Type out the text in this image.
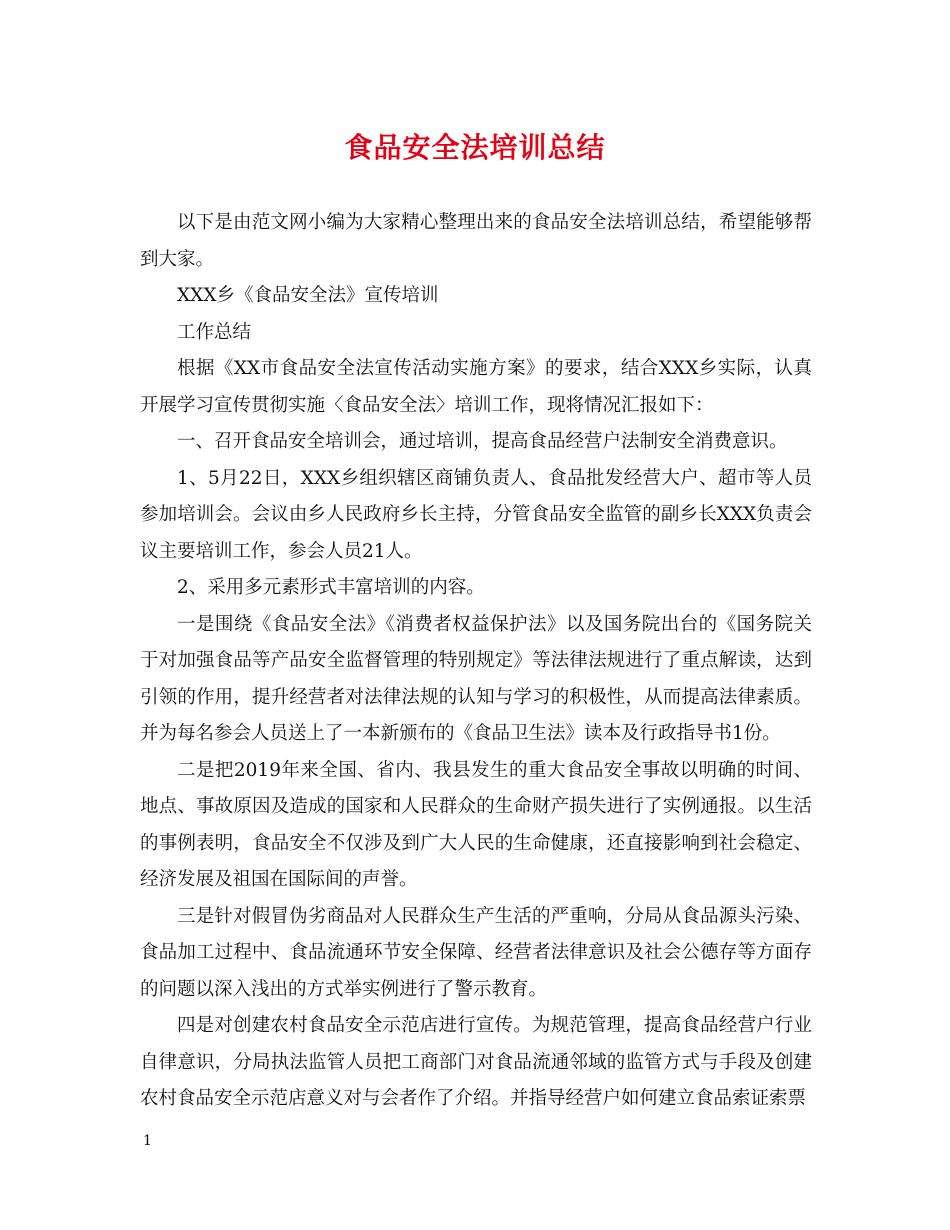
食品安全法培训总结

以下是由范文网小编为大家精心整理出来的食品安全法培训总结，希望能够帮到大家。

XXX乡《食品安全法》宣传培训

工作总结

根据《XX市食品安全法宣传活动实施方案》的要求，结合XXX乡实际，认真开展学习宣传贯彻实施〈食品安全法〉培训工作，现将情况汇报如下：

一、召开食品安全培训会，通过培训，提高食品经营户法制安全消费意识。

1、5月22日，XXX乡组织辖区商铺负责人、食品批发经营大户、超市等人员参加培训会。会议由乡人民政府乡长主持，分管食品安全监管的副乡长XXX负责会议主要培训工作，参会人员21人。

2、采用多元素形式丰富培训的内容。

一是围绕《食品安全法》《消费者权益保护法》以及国务院出台的《国务院关于对加强食品等产品安全监督管理的特别规定》等法律法规进行了重点解读，达到引领的作用，提升经营者对法律法规的认知与学习的积极性，从而提高法律素质。并为每名参会人员送上了一本新颁布的《食品卫生法》读本及行政指导书1份。

二是把2019年来全国、省内、我县发生的重大食品安全事故以明确的时间、地点、事故原因及造成的国家和人民群众的生命财产损失进行了实例通报。以生活的事例表明，食品安全不仅涉及到广大人民的生命健康，还直接影响到社会稳定、经济发展及祖国在国际间的声誉。

三是针对假冒伪劣商品对人民群众生产生活的严重响，分局从食品源头污染、食品加工过程中、食品流通环节安全保障、经营者法律意识及社会公德存等方面存的问题以深入浅出的方式举实例进行了警示教育。

四是对创建农村食品安全示范店进行宣传。为规范管理，提高食品经营户行业自律意识，分局执法监管人员把工商部门对食品流通邻域的监管方式与手段及创建农村食品安全示范店意义对与会者作了介绍。并指导经营户如何建立食品索证索票

1
